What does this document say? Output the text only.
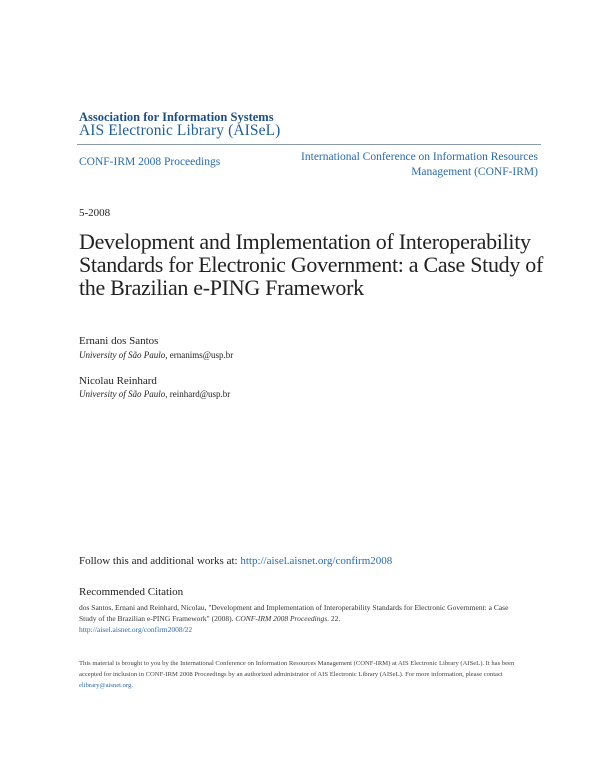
Association for Information Systems
AIS Electronic Library (AISeL)
CONF-IRM 2008 Proceedings	International Conference on Information Resources Management (CONF-IRM)
5-2008
Development and Implementation of Interoperability Standards for Electronic Government: a Case Study of the Brazilian e-PING Framework
Ernani dos Santos
University of São Paulo, ernanims@usp.br
Nicolau Reinhard
University of São Paulo, reinhard@usp.br
Follow this and additional works at: http://aisel.aisnet.org/confirm2008
Recommended Citation
dos Santos, Ernani and Reinhard, Nicolau, "Development and Implementation of Interoperability Standards for Electronic Government: a Case Study of the Brazilian e-PING Framework" (2008). CONF-IRM 2008 Proceedings. 22.
http://aisel.aisnet.org/confirm2008/22
This material is brought to you by the International Conference on Information Resources Management (CONF-IRM) at AIS Electronic Library (AISeL). It has been accepted for inclusion in CONF-IRM 2008 Proceedings by an authorized administrator of AIS Electronic Library (AISeL). For more information, please contact elibrary@aisnet.org.
